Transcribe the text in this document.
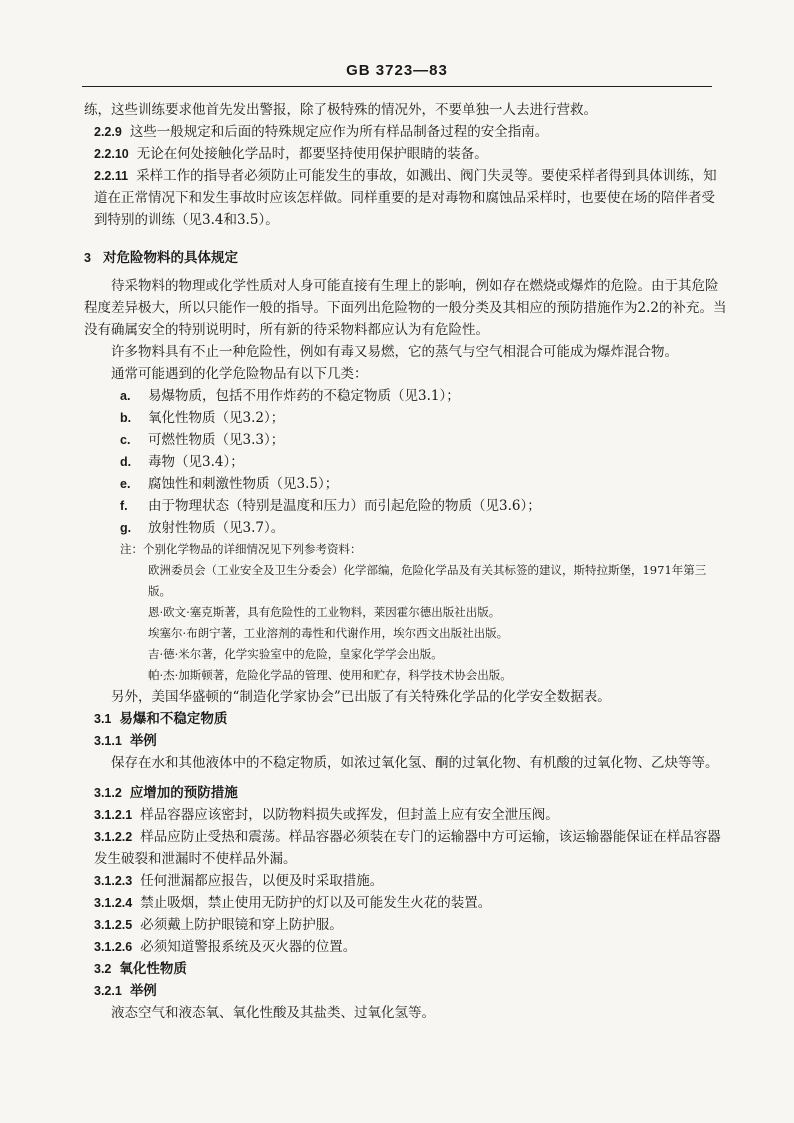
GB 3723—83

练，这些训练要求他首先发出警报，除了极特殊的情况外，不要单独一人去进行营救。

2.2.9 这些一般规定和后面的特殊规定应作为所有样品制备过程的安全指南。

2.2.10 无论在何处接触化学品时，都要坚持使用保护眼睛的装备。

2.2.11 采样工作的指导者必须防止可能发生的事故，如溅出、阀门失灵等。要使采样者得到具体训练，知道在正常情况下和发生事故时应该怎样做。同样重要的是对毒物和腐蚀品采样时，也要使在场的陪伴者受到特别的训练（见3.4和3.5）。

3 对危险物料的具体规定

待采物料的物理或化学性质对人身可能直接有生理上的影响，例如存在燃烧或爆炸的危险。由于其危险程度差异极大，所以只能作一般的指导。下面列出危险物的一般分类及其相应的预防措施作为2.2的补充。当没有确属安全的特别说明时，所有新的待采物料都应认为有危险性。

许多物料具有不止一种危险性，例如有毒又易燃，它的蒸气与空气相混合可能成为爆炸混合物。

通常可能遇到的化学危险物品有以下几类：

a. 易爆物质，包括不用作炸药的不稳定物质（见3.1）；

b. 氧化性物质（见3.2）；

c. 可燃性物质（见3.3）；

d. 毒物（见3.4）；

e. 腐蚀性和刺激性物质（见3.5）；

f. 由于物理状态（特别是温度和压力）而引起危险的物质（见3.6）；

g. 放射性物质（见3.7）。

注：个别化学物品的详细情况见下列参考资料：

欧洲委员会（工业安全及卫生分委会）化学部编，危险化学品及有关其标签的建议，斯特拉斯堡，1971年第三版。

恩·欧文·塞克斯著，具有危险性的工业物料，莱因霍尔德出版社出版。

埃塞尔·布朗宁著，工业溶剂的毒性和代谢作用，埃尔西文出版社出版。

吉·德·米尔著，化学实验室中的危险，皇家化学学会出版。

帕·杰·加斯顿著，危险化学品的管理、使用和贮存，科学技术协会出版。

另外，美国华盛顿的“制造化学家协会”已出版了有关特殊化学品的化学安全数据表。

3.1 易爆和不稳定物质

3.1.1 举例

保存在水和其他液体中的不稳定物质，如浓过氧化氢、酮的过氧化物、有机酸的过氧化物、乙炔等等。

3.1.2 应增加的预防措施

3.1.2.1 样品容器应该密封，以防物料损失或挥发，但封盖上应有安全泄压阀。

3.1.2.2 样品应防止受热和震荡。样品容器必须装在专门的运输器中方可运输，该运输器能保证在样品容器发生破裂和泄漏时不使样品外漏。

3.1.2.3 任何泄漏都应报告，以便及时采取措施。

3.1.2.4 禁止吸烟，禁止使用无防护的灯以及可能发生火花的装置。

3.1.2.5 必须戴上防护眼镜和穿上防护服。

3.1.2.6 必须知道警报系统及灭火器的位置。

3.2 氧化性物质

3.2.1 举例

液态空气和液态氧、氧化性酸及其盐类、过氧化氢等。
